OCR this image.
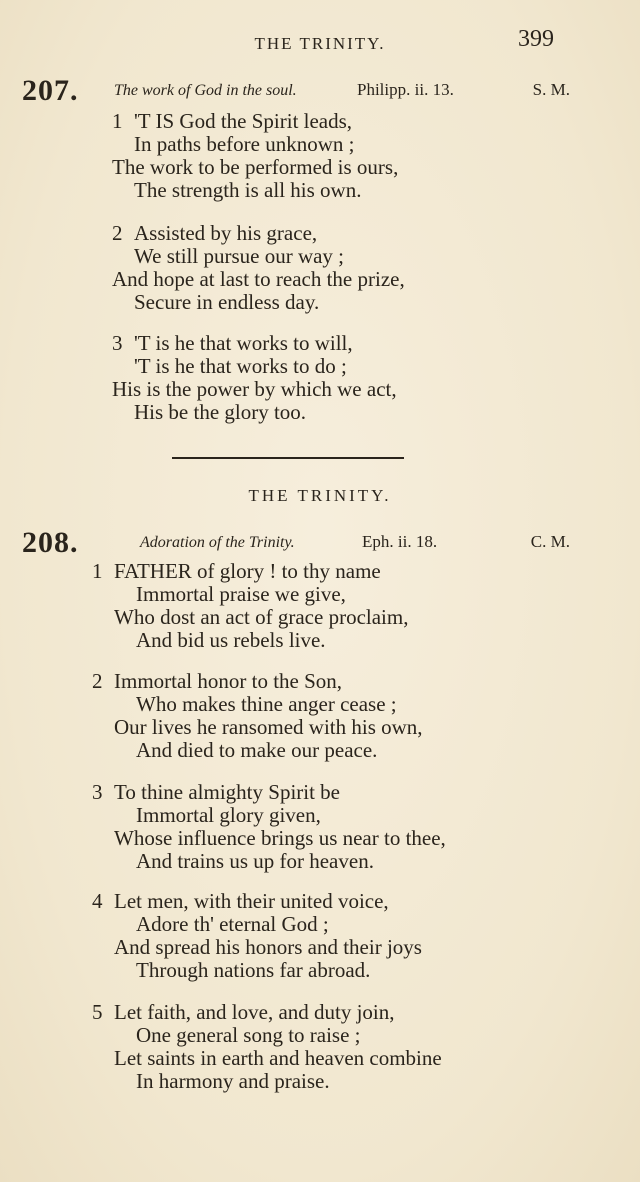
THE TRINITY.	399
207. The work of God in the soul.	Philipp. ii. 13.	S. M.
1 'T IS God the Spirit leads,
In paths before unknown ;
The work to be performed is ours,
The strength is all his own.
2 Assisted by his grace,
We still pursue our way ;
And hope at last to reach the prize,
Secure in endless day.
3 'T is he that works to will,
'T is he that works to do ;
His is the power by which we act,
His be the glory too.
THE TRINITY.
208.	Adoration of the Trinity.	Eph. ii. 18.	C. M.
1 FATHER of glory ! to thy name
Immortal praise we give,
Who dost an act of grace proclaim,
And bid us rebels live.
2 Immortal honor to the Son,
Who makes thine anger cease ;
Our lives he ransomed with his own,
And died to make our peace.
3 To thine almighty Spirit be
Immortal glory given,
Whose influence brings us near to thee,
And trains us up for heaven.
4 Let men, with their united voice,
Adore th' eternal God ;
And spread his honors and their joys
Through nations far abroad.
5 Let faith, and love, and duty join,
One general song to raise ;
Let saints in earth and heaven combine
In harmony and praise.
